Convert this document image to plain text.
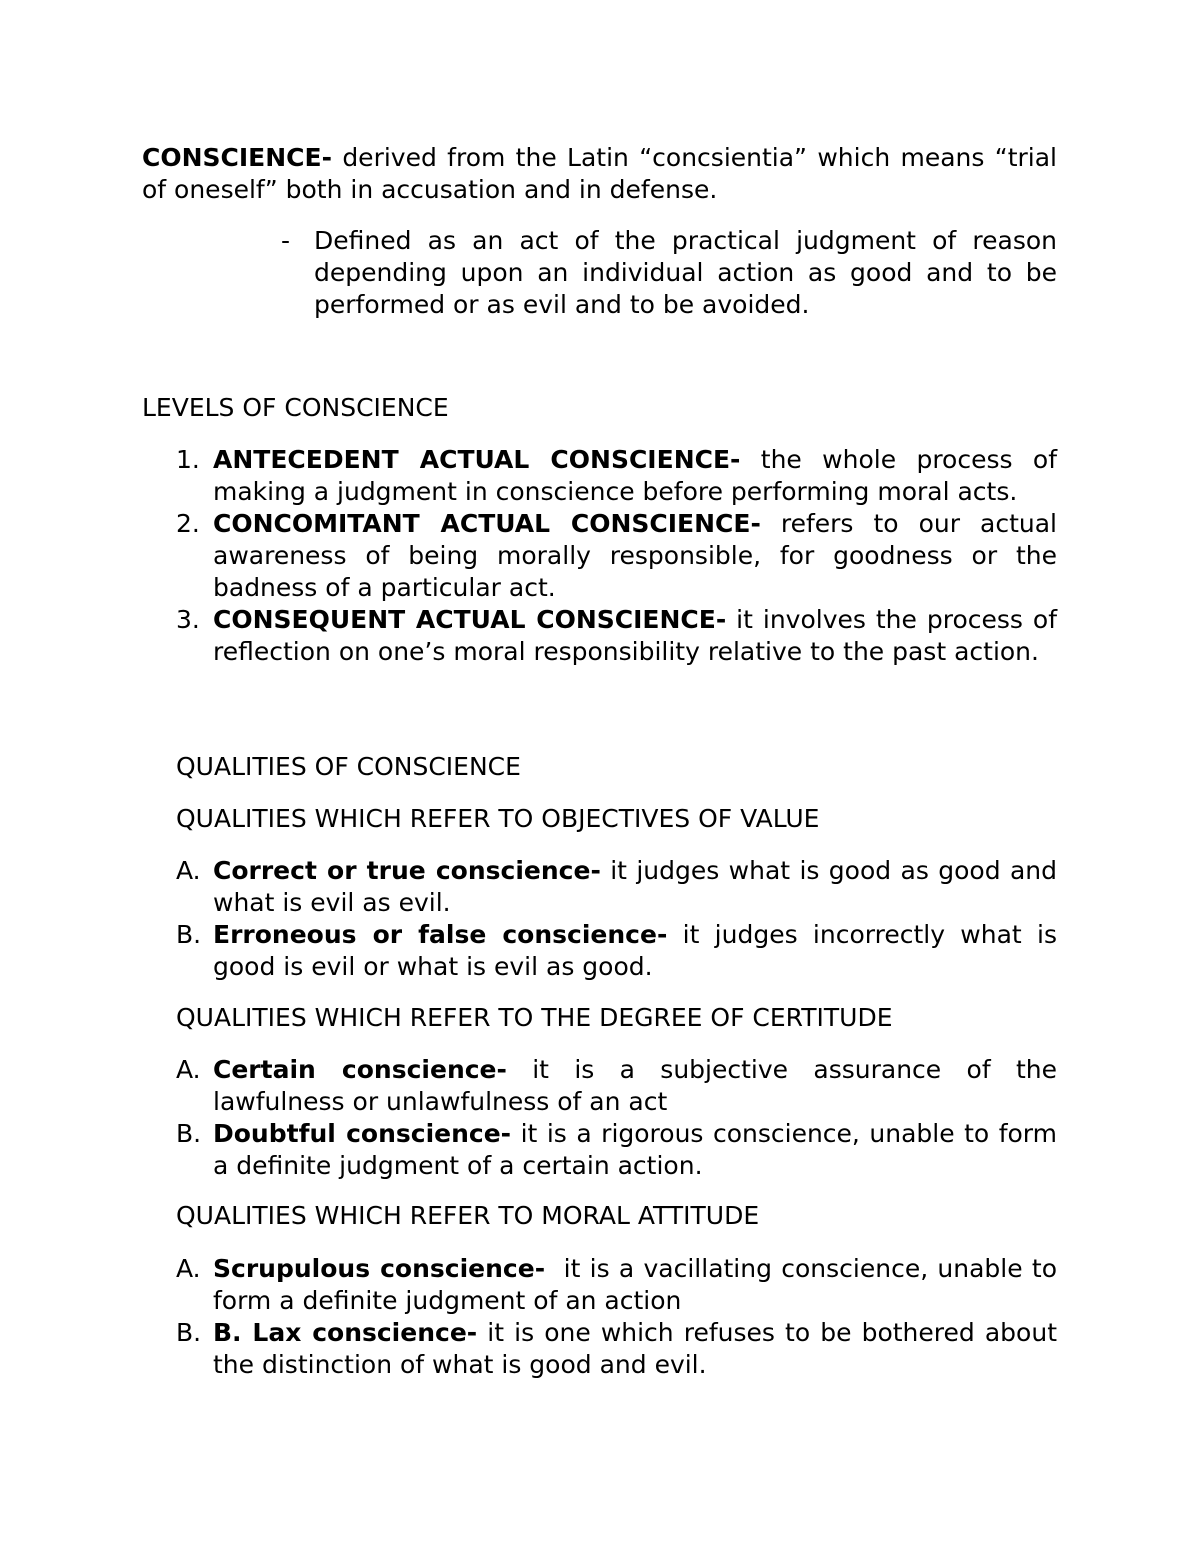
CONSCIENCE- derived from the Latin “concsientia” which means “trial of oneself” both in accusation and in defense.

- Defined as an act of the practical judgment of reason depending upon an individual action as good and to be performed or as evil and to be avoided.
LEVELS OF CONSCIENCE
1. ANTECEDENT ACTUAL CONSCIENCE- the whole process of making a judgment in conscience before performing moral acts.
2. CONCOMITANT ACTUAL CONSCIENCE- refers to our actual awareness of being morally responsible, for goodness or the badness of a particular act.
3. CONSEQUENT ACTUAL CONSCIENCE- it involves the process of reflection on one’s moral responsibility relative to the past action.
QUALITIES OF CONSCIENCE
QUALITIES WHICH REFER TO OBJECTIVES OF VALUE
A. Correct or true conscience- it judges what is good as good and what is evil as evil.
B. Erroneous or false conscience- it judges incorrectly what is good is evil or what is evil as good.
QUALITIES WHICH REFER TO THE DEGREE OF CERTITUDE
A. Certain conscience- it is a subjective assurance of the lawfulness or unlawfulness of an act
B. Doubtful conscience- it is a rigorous conscience, unable to form a definite judgment of a certain action.
QUALITIES WHICH REFER TO MORAL ATTITUDE
A. Scrupulous conscience-  it is a vacillating conscience, unable to form a definite judgment of an action
B. B. Lax conscience- it is one which refuses to be bothered about the distinction of what is good and evil.
